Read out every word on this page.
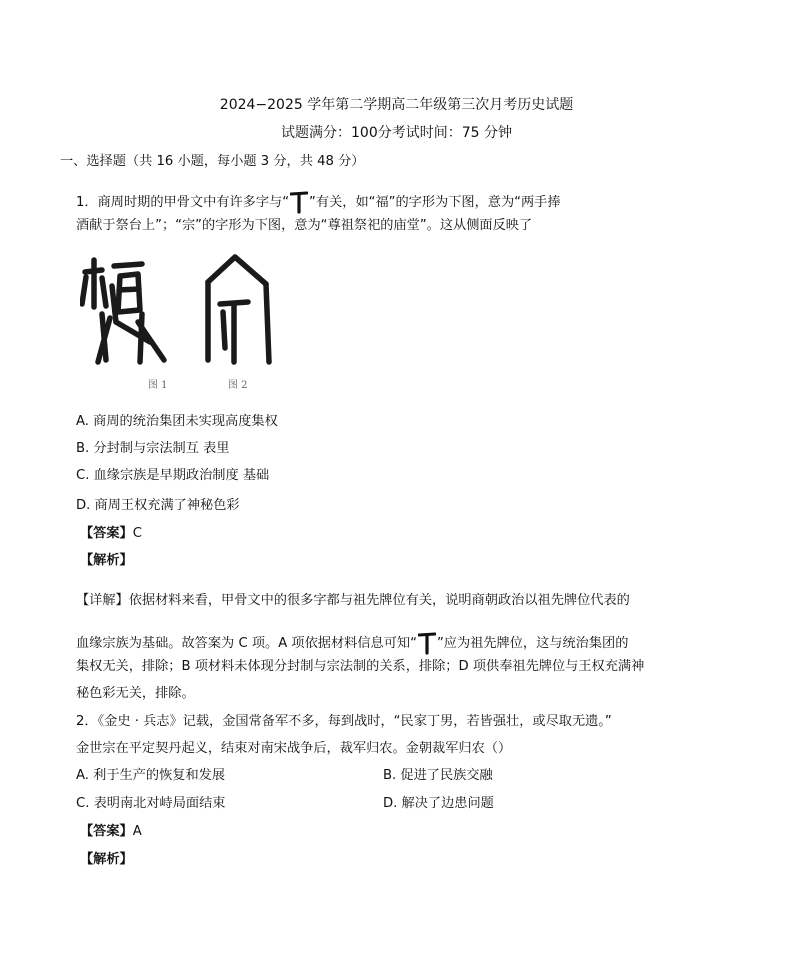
2024−2025 学年第二学期高二年级第三次月考历史试题
试题满分：100分考试时间：75 分钟
一、选择题（共 16 小题，每小题 3 分，共 48 分）
1．商周时期的甲骨文中有许多字与“ ”有关，如“福”的字形为下图，意为“两手捧
酒献于祭台上”；“宗”的字形为下图，意为“尊祖祭祀的庙堂”。这从侧面反映了
图 1	图 2
A. 商周的统治集团未实现高度集权
B. 分封制与宗法制互 表里
C. 血缘宗族是早期政治制度 基础
D. 商周王权充满了神秘色彩
【答案】C
【解析】
【详解】依据材料来看，甲骨文中的很多字都与祖先牌位有关，说明商朝政治以祖先牌位代表的
血缘宗族为基础。故答案为 C 项。A 项依据材料信息可知“ ”应为祖先牌位，这与统治集团的
集权无关，排除；B 项材料未体现分封制与宗法制的关系，排除；D 项供奉祖先牌位与王权充满神
秘色彩无关，排除。
2．《金史 · 兵志》记载，金国常备军不多，每到战时，“民家丁男，若皆强壮，或尽取无遗。”
金世宗在平定契丹起义，结束对南宋战争后，裁军归农。金朝裁军归农（）
A. 利于生产的恢复和发展	B. 促进了民族交融
C. 表明南北对峙局面结束	D. 解决了边患问题
【答案】A
【解析】
